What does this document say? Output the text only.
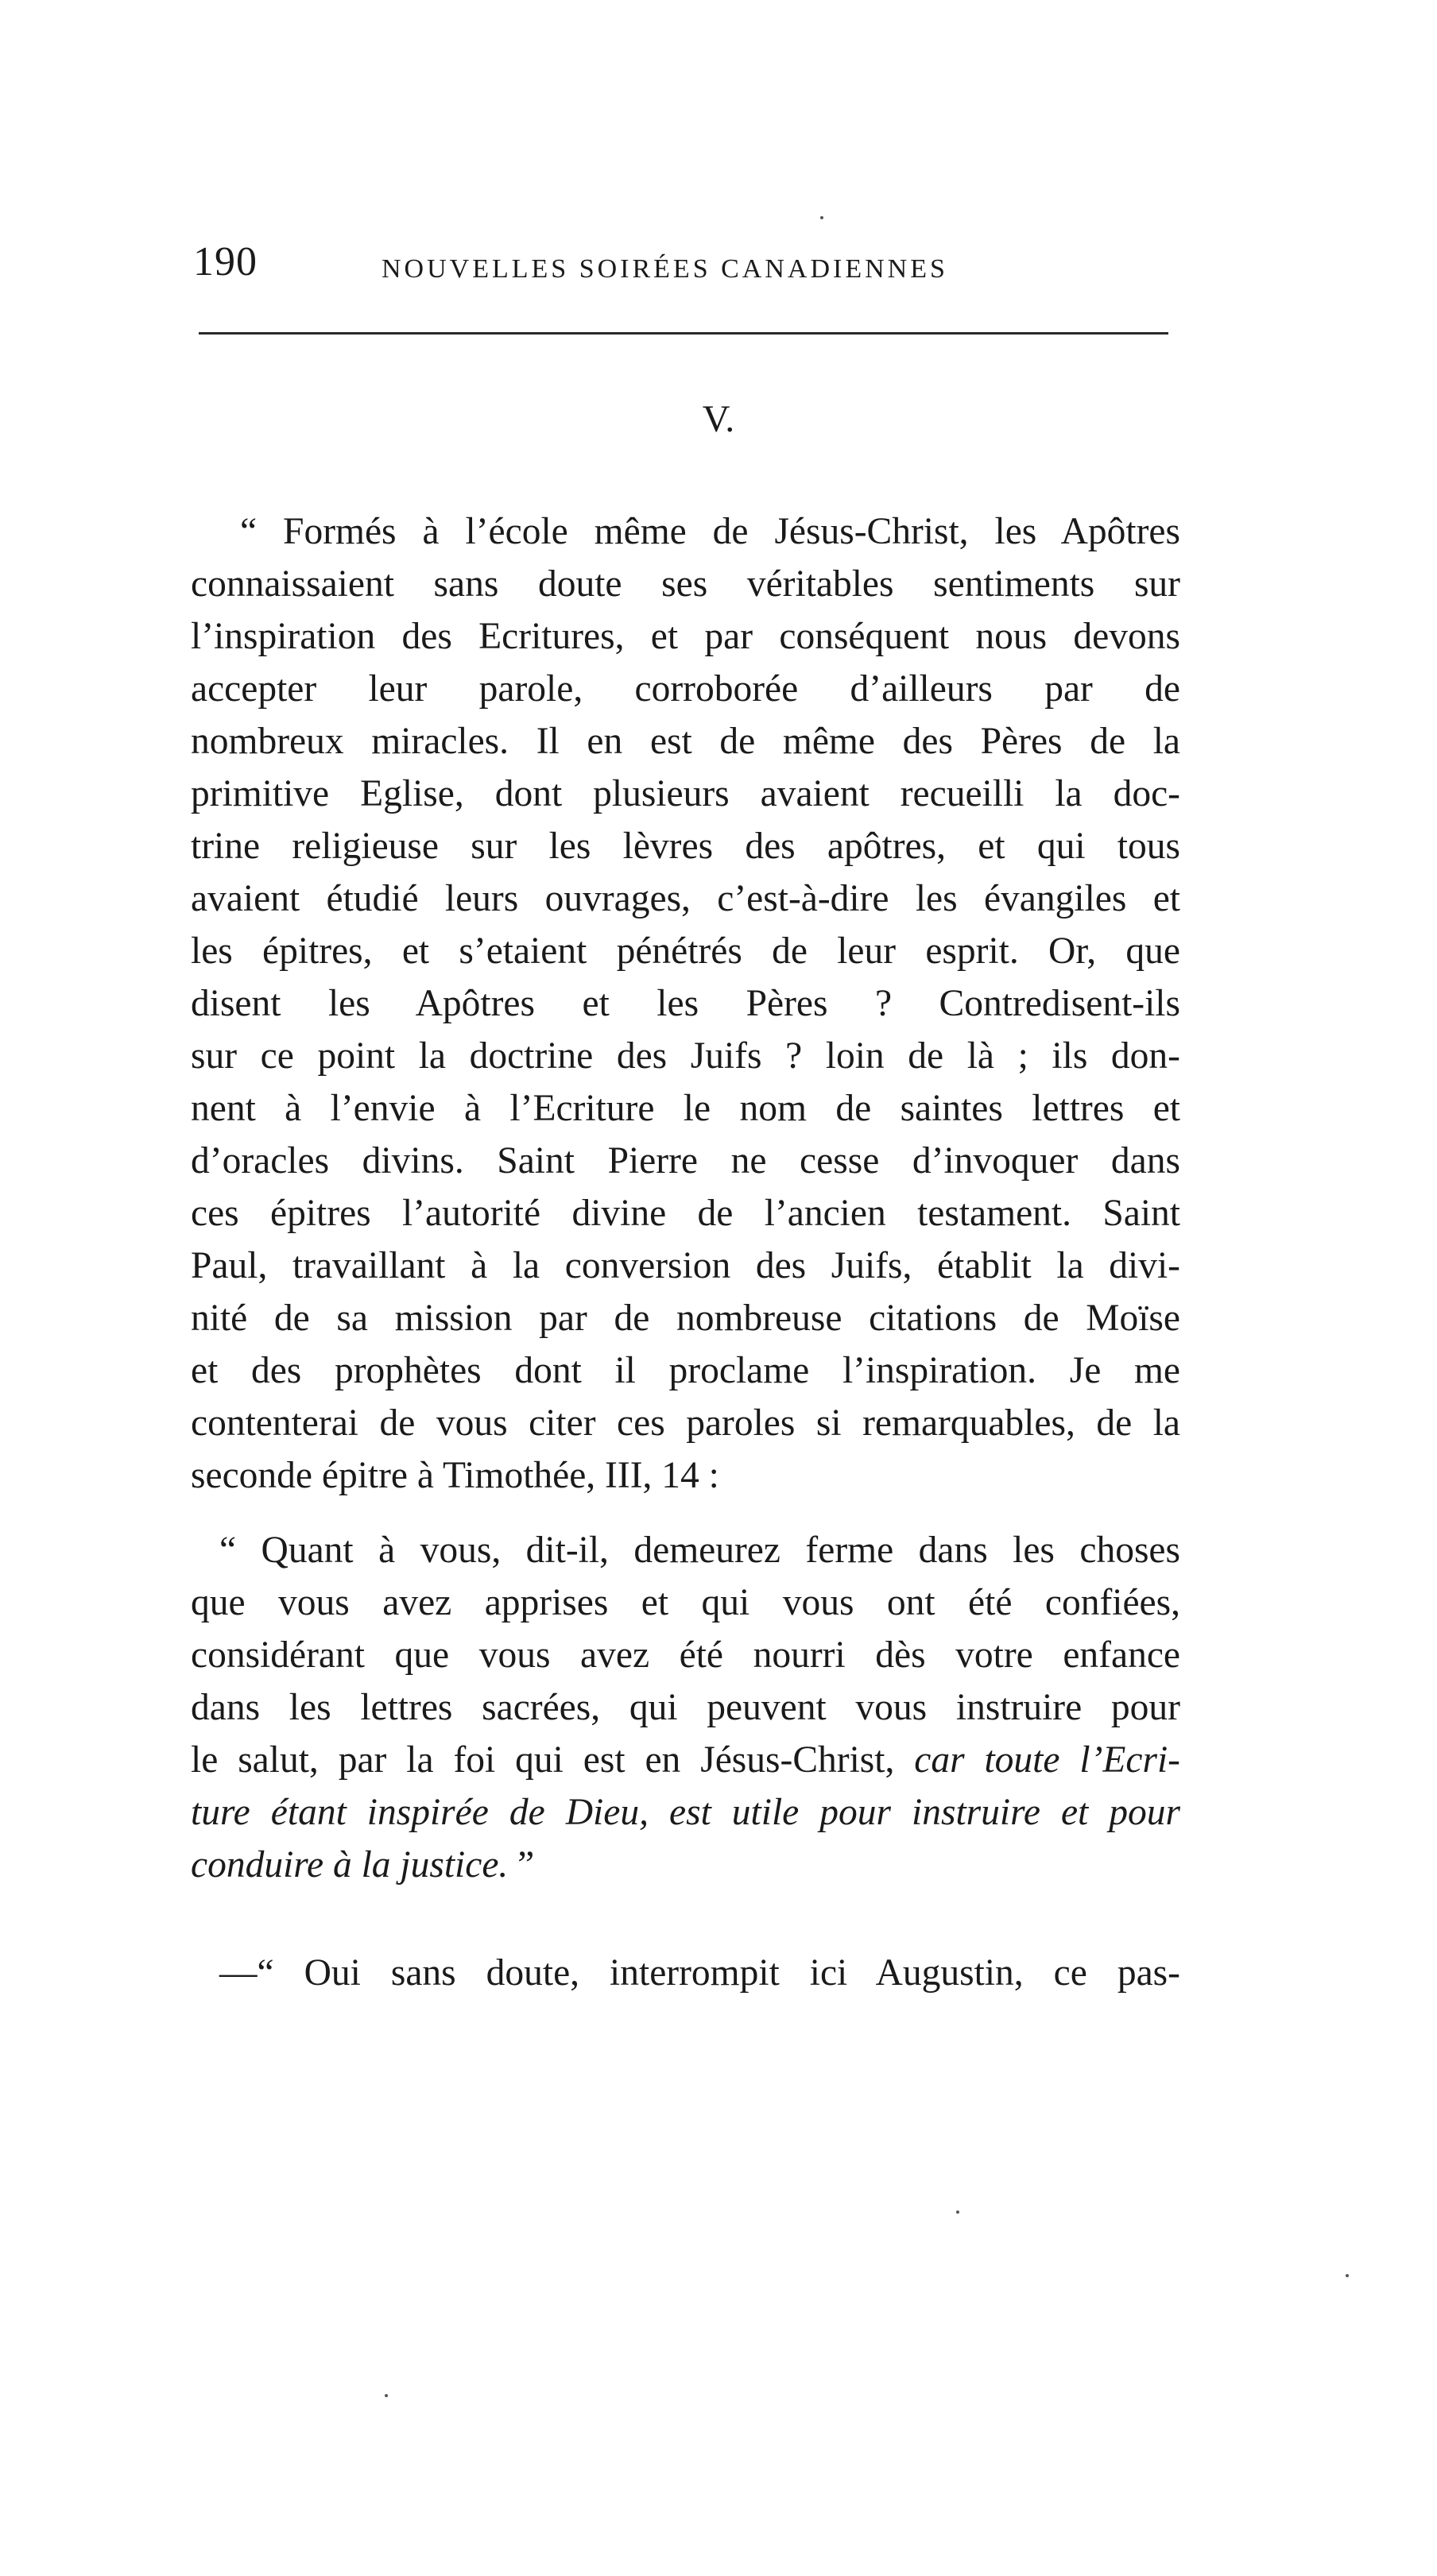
190	NOUVELLES SOIRÉES CANADIENNES
V.
“ Formés à l’école même de Jésus-Christ, les Apôtres
connaissaient sans doute ses véritables sentiments sur
l’inspiration des Ecritures, et par conséquent nous devons
accepter leur parole, corroborée d’ailleurs par de
nombreux miracles. Il en est de même des Pères de la
primitive Eglise, dont plusieurs avaient recueilli la doc-
trine religieuse sur les lèvres des apôtres, et qui tous
avaient étudié leurs ouvrages, c’est-à-dire les évangiles et
les épitres, et s’etaient pénétrés de leur esprit. Or, que
disent les Apôtres et les Pères ? Contredisent-ils
sur ce point la doctrine des Juifs ? loin de là ; ils don-
nent à l’envie à l’Ecriture le nom de saintes lettres et
d’oracles divins. Saint Pierre ne cesse d’invoquer dans
ces épitres l’autorité divine de l’ancien testament. Saint
Paul, travaillant à la conversion des Juifs, établit la divi-
nité de sa mission par de nombreuse citations de Moïse
et des prophètes dont il proclame l’inspiration. Je me
contenterai de vous citer ces paroles si remarquables, de la
seconde épitre à Timothée, III, 14 :
“ Quant à vous, dit-il, demeurez ferme dans les choses
que vous avez apprises et qui vous ont été confiées,
considérant que vous avez été nourri dès votre enfance
dans les lettres sacrées, qui peuvent vous instruire pour
le salut, par la foi qui est en Jésus-Christ, car toute l’Ecri-
ture étant inspirée de Dieu, est utile pour instruire et pour
conduire à la justice. ”
—“ Oui sans doute, interrompit ici Augustin, ce pas-
